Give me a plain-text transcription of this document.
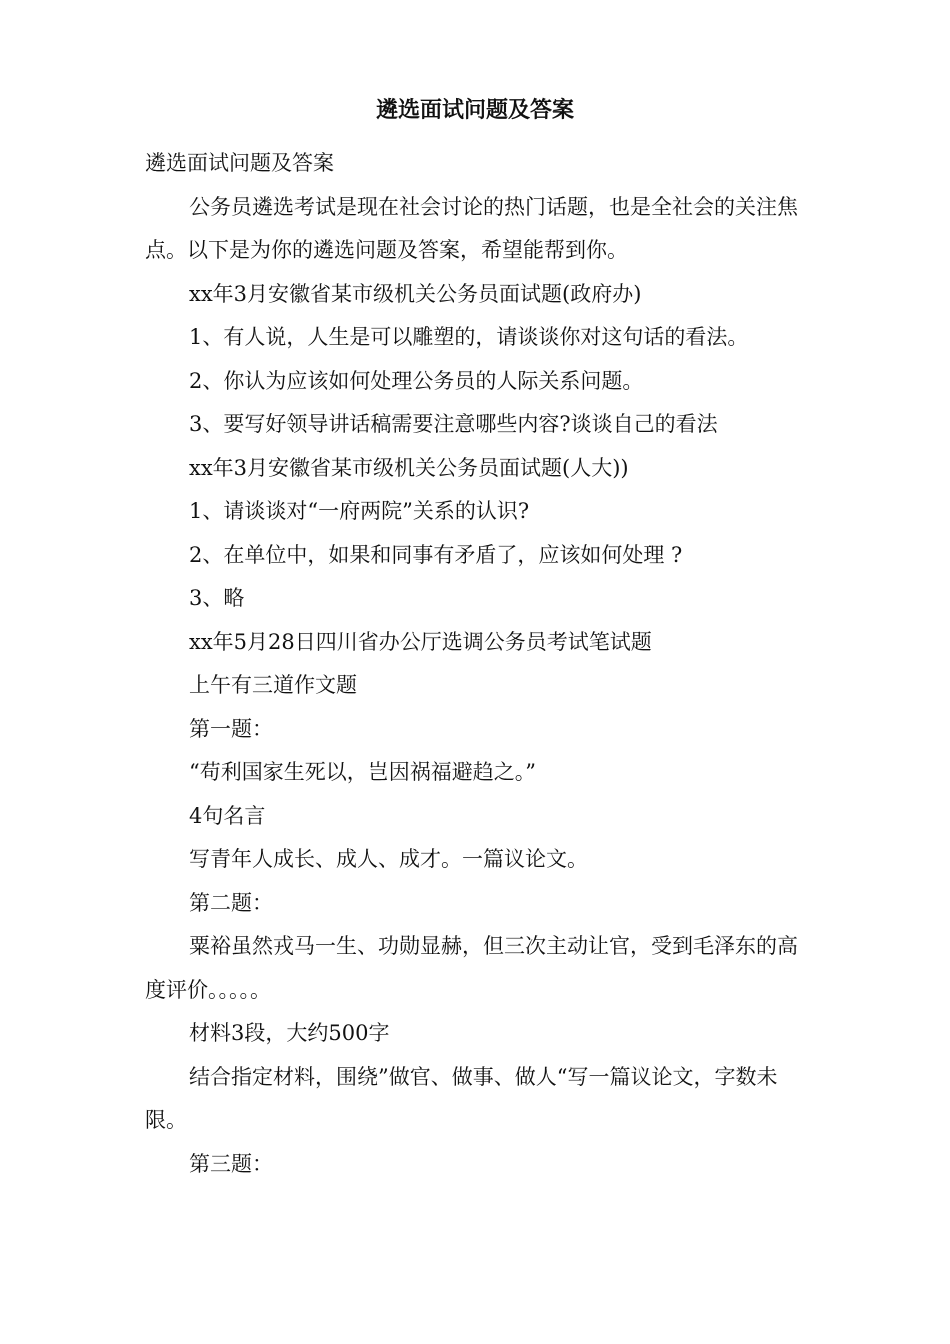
遴选面试问题及答案

遴选面试问题及答案

公务员遴选考试是现在社会讨论的热门话题，也是全社会的关注焦点。以下是为你的遴选问题及答案，希望能帮到你。

xx年3月安徽省某市级机关公务员面试题(政府办)

1、有人说，人生是可以雕塑的，请谈谈你对这句话的看法。

2、你认为应该如何处理公务员的人际关系问题。

3、要写好领导讲话稿需要注意哪些内容?谈谈自己的看法

xx年3月安徽省某市级机关公务员面试题(人大))

1、请谈谈对“一府两院”关系的认识?

2、在单位中，如果和同事有矛盾了，应该如何处理 ?

3、略

xx年5月28日四川省办公厅选调公务员考试笔试题

上午有三道作文题

第一题：

“苟利国家生死以，岂因祸福避趋之。”

4句名言

写青年人成长、成人、成才。一篇议论文。

第二题：

粟裕虽然戎马一生、功勋显赫，但三次主动让官，受到毛泽东的高度评价。。。。。

材料3段，大约500字

结合指定材料，围绕”做官、做事、做人“写一篇议论文，字数未限。

第三题：
